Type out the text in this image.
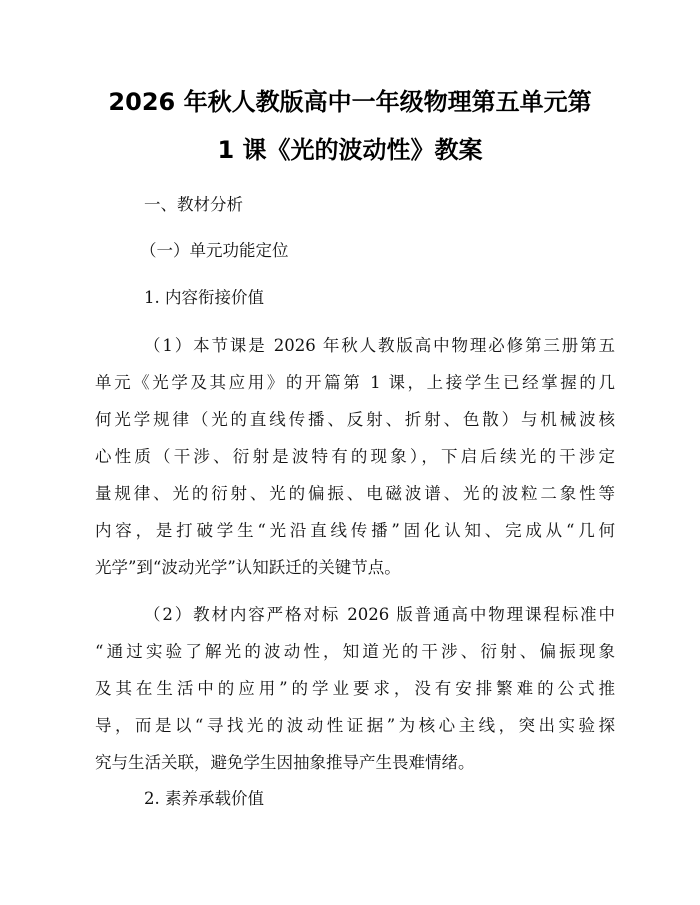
2026 年秋人教版高中一年级物理第五单元第
1 课《光的波动性》教案
一、教材分析
（一）单元功能定位
1. 内容衔接价值
（1）本节课是 2026 年秋人教版高中物理必修第三册第五
单元《光学及其应用》的开篇第 1 课，上接学生已经掌握的几
何光学规律（光的直线传播、反射、折射、色散）与机械波核
心性质（干涉、衍射是波特有的现象），下启后续光的干涉定
量规律、光的衍射、光的偏振、电磁波谱、光的波粒二象性等
内容，是打破学生“光沿直线传播”固化认知、完成从“几何
光学”到“波动光学”认知跃迁的关键节点。
（2）教材内容严格对标 2026 版普通高中物理课程标准中
“通过实验了解光的波动性，知道光的干涉、衍射、偏振现象
及其在生活中的应用”的学业要求，没有安排繁难的公式推
导，而是以“寻找光的波动性证据”为核心主线，突出实验探
究与生活关联，避免学生因抽象推导产生畏难情绪。
2. 素养承载价值
